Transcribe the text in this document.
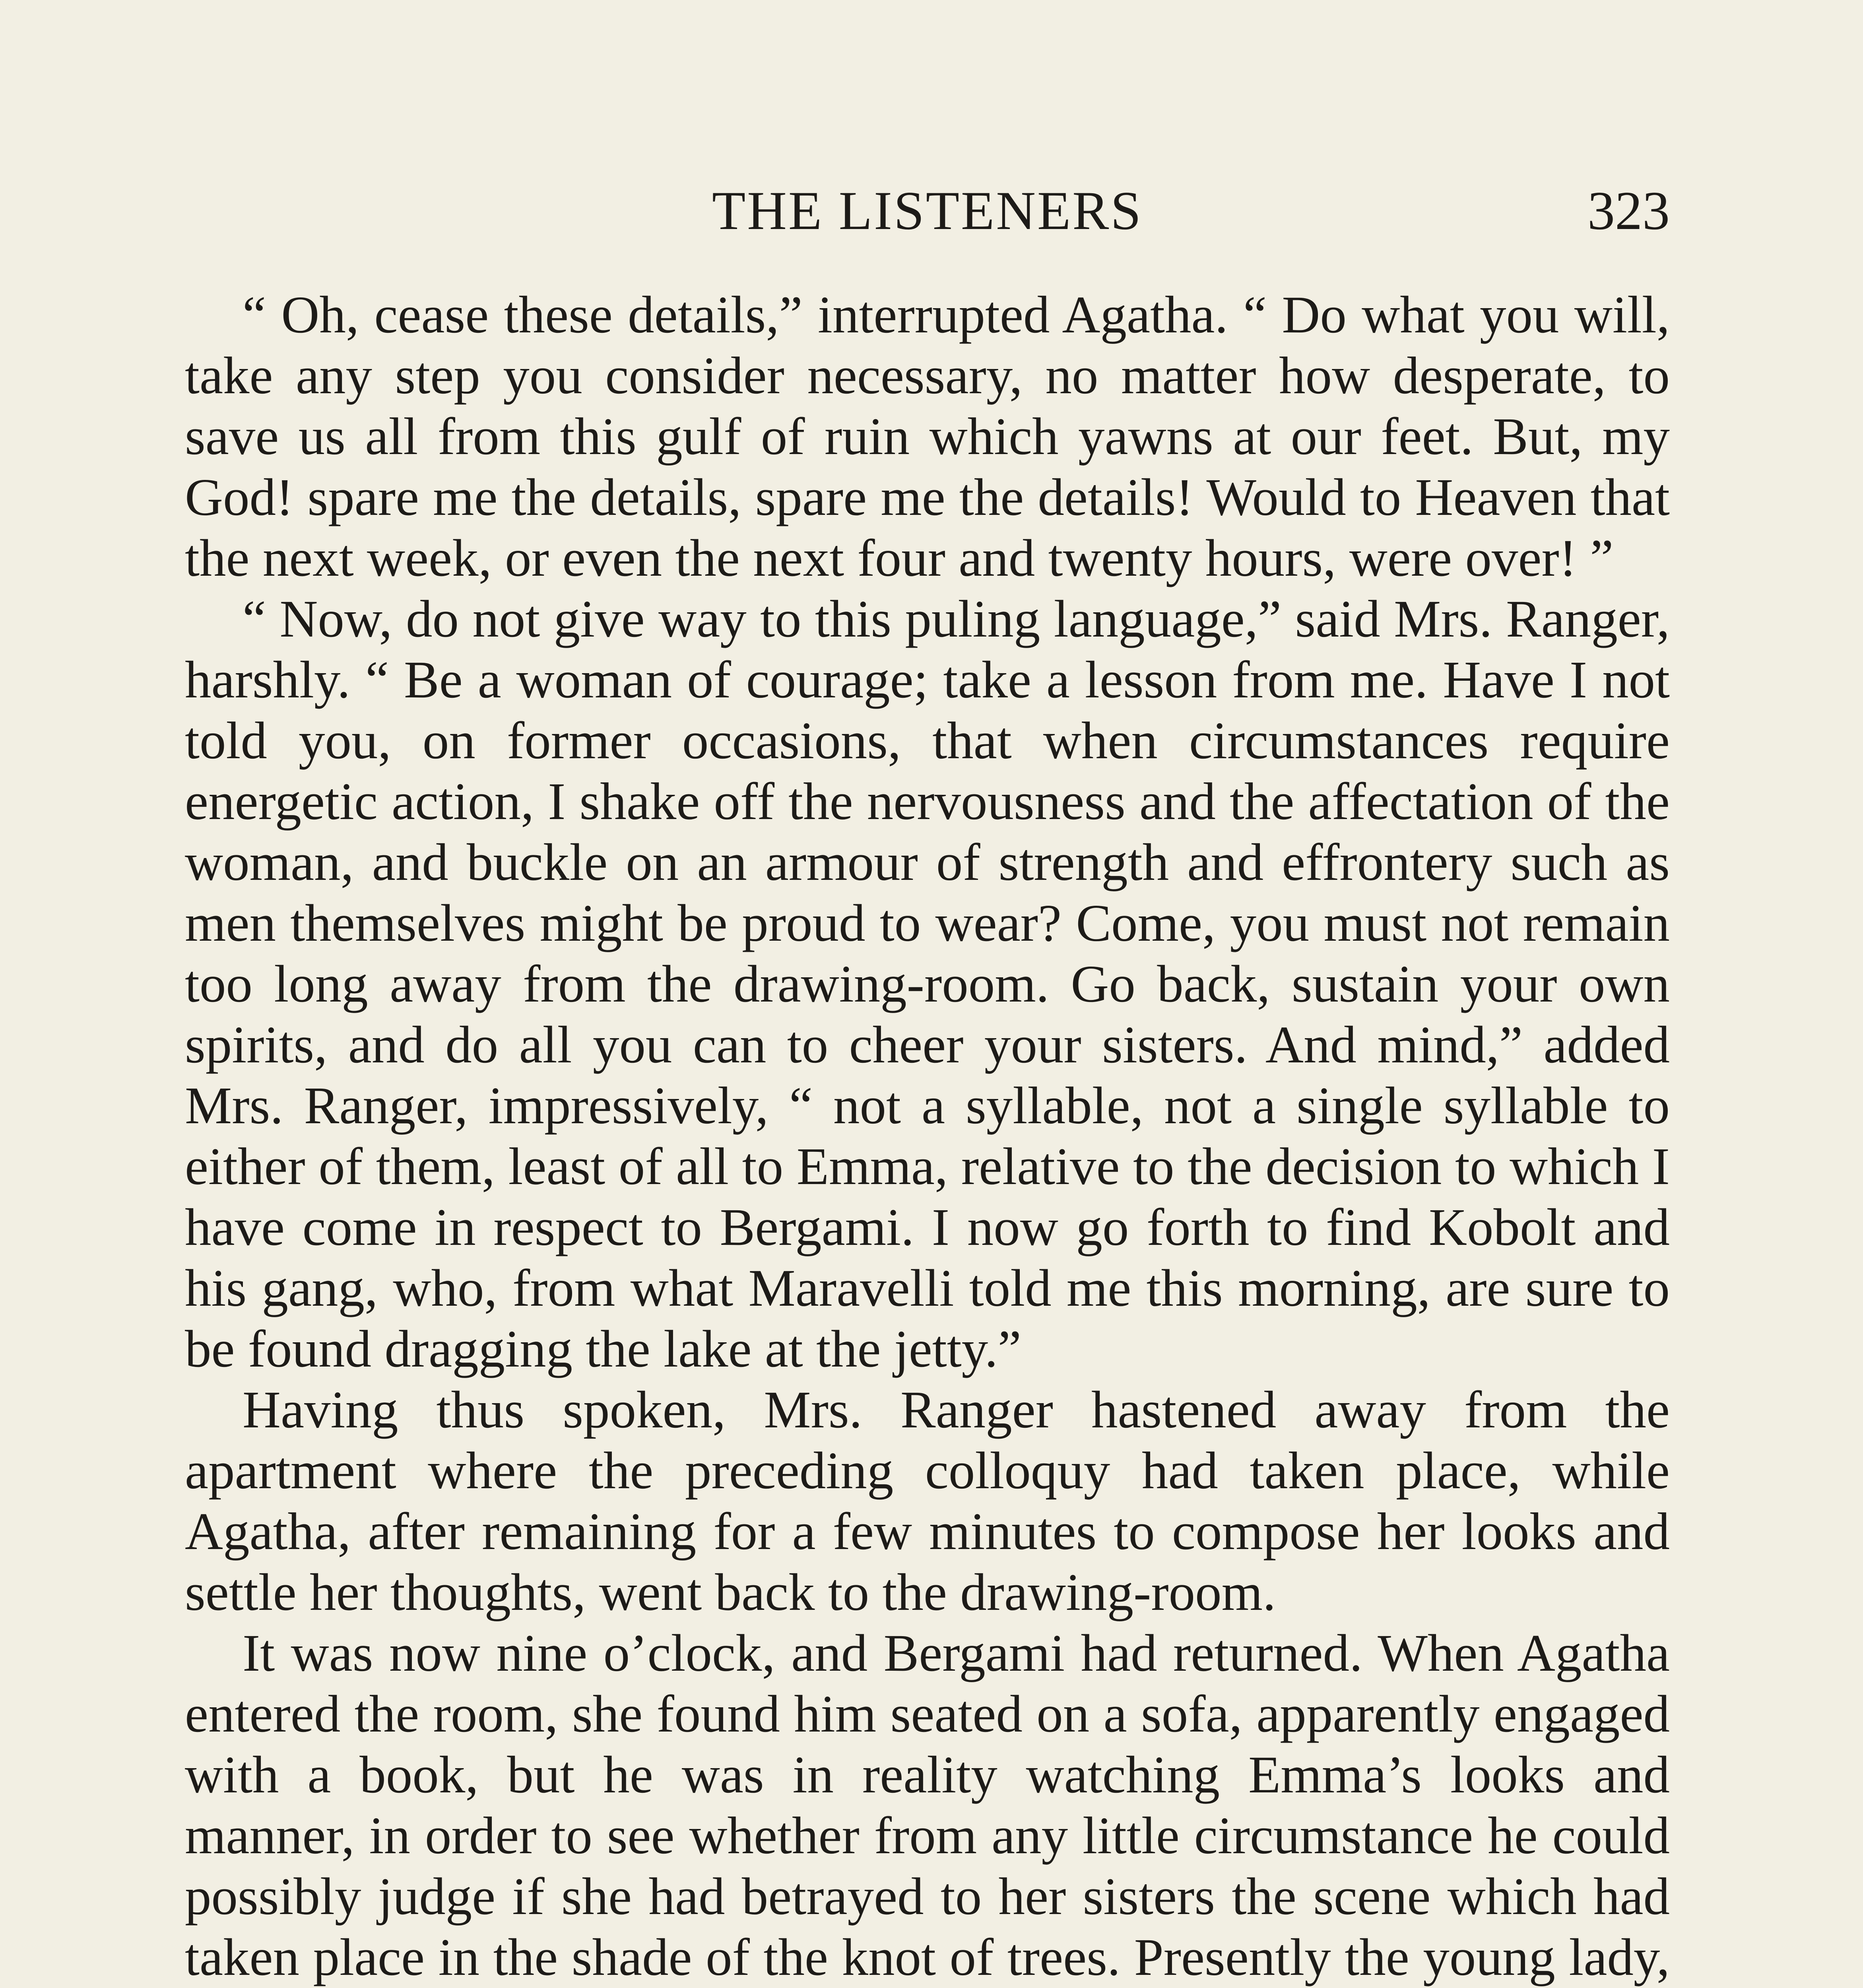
THE LISTENERS	323

“ Oh, cease these details,” interrupted Agatha. “ Do what you will, take any step you consider necessary, no matter how desperate, to save us all from this gulf of ruin which yawns at our feet. But, my God! spare me the details, spare me the details! Would to Heaven that the next week, or even the next four and twenty hours, were over! ”

“ Now, do not give way to this puling language,” said Mrs. Ranger, harshly. “ Be a woman of courage; take a lesson from me. Have I not told you, on former occasions, that when circumstances require energetic action, I shake off the nervousness and the affectation of the woman, and buckle on an armour of strength and effrontery such as men themselves might be proud to wear? Come, you must not remain too long away from the drawing-room. Go back, sustain your own spirits, and do all you can to cheer your sisters. And mind,” added Mrs. Ranger, impressively, “ not a syllable, not a single syllable to either of them, least of all to Emma, relative to the decision to which I have come in respect to Bergami. I now go forth to find Kobolt and his gang, who, from what Maravelli told me this morning, are sure to be found dragging the lake at the jetty.”

Having thus spoken, Mrs. Ranger hastened away from the apartment where the preceding colloquy had taken place, while Agatha, after remaining for a few minutes to compose her looks and settle her thoughts, went back to the drawing-room.

It was now nine o’clock, and Bergami had returned. When Agatha entered the room, she found him seated on a sofa, apparently engaged with a book, but he was in reality watching Emma’s looks and manner, in order to see whether from any little circumstance he could possibly judge if she had betrayed to her sisters the scene which had taken place in the shade of the knot of trees. Presently the young lady,
